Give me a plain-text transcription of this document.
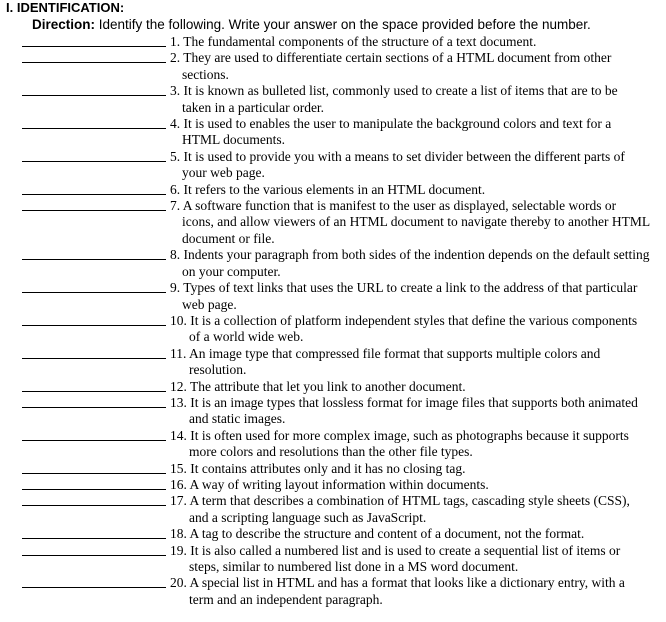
I. IDENTIFICATION:
Direction: Identify the following. Write your answer on the space provided before the number.
1. The fundamental components of the structure of a text document.
2. They are used to differentiate certain sections of a HTML document from other sections.
3. It is known as bulleted list, commonly used to create a list of items that are to be taken in a particular order.
4. It is used to enables the user to manipulate the background colors and text for a HTML documents.
5. It is used to provide you with a means to set divider between the different parts of your web page.
6. It refers to the various elements in an HTML document.
7. A software function that is manifest to the user as displayed, selectable words or icons, and allow viewers of an HTML document to navigate thereby to another HTML document or file.
8. Indents your paragraph from both sides of the indention depends on the default setting on your computer.
9. Types of text links that uses the URL to create a link to the address of that particular web page.
10. It is a collection of platform independent styles that define the various components of a world wide web.
11. An image type that compressed file format that supports multiple colors and resolution.
12. The attribute that let you link to another document.
13. It is an image types that lossless format for image files that supports both animated and static images.
14. It is often used for more complex image, such as photographs because it supports more colors and resolutions than the other file types.
15. It contains attributes only and it has no closing tag.
16. A way of writing layout information within documents.
17. A term that describes a combination of HTML tags, cascading style sheets (CSS), and a scripting language such as JavaScript.
18. A tag to describe the structure and content of a document, not the format.
19. It is also called a numbered list and is used to create a sequential list of items or steps, similar to numbered list done in a MS word document.
20. A special list in HTML and has a format that looks like a dictionary entry, with a term and an independent paragraph.
